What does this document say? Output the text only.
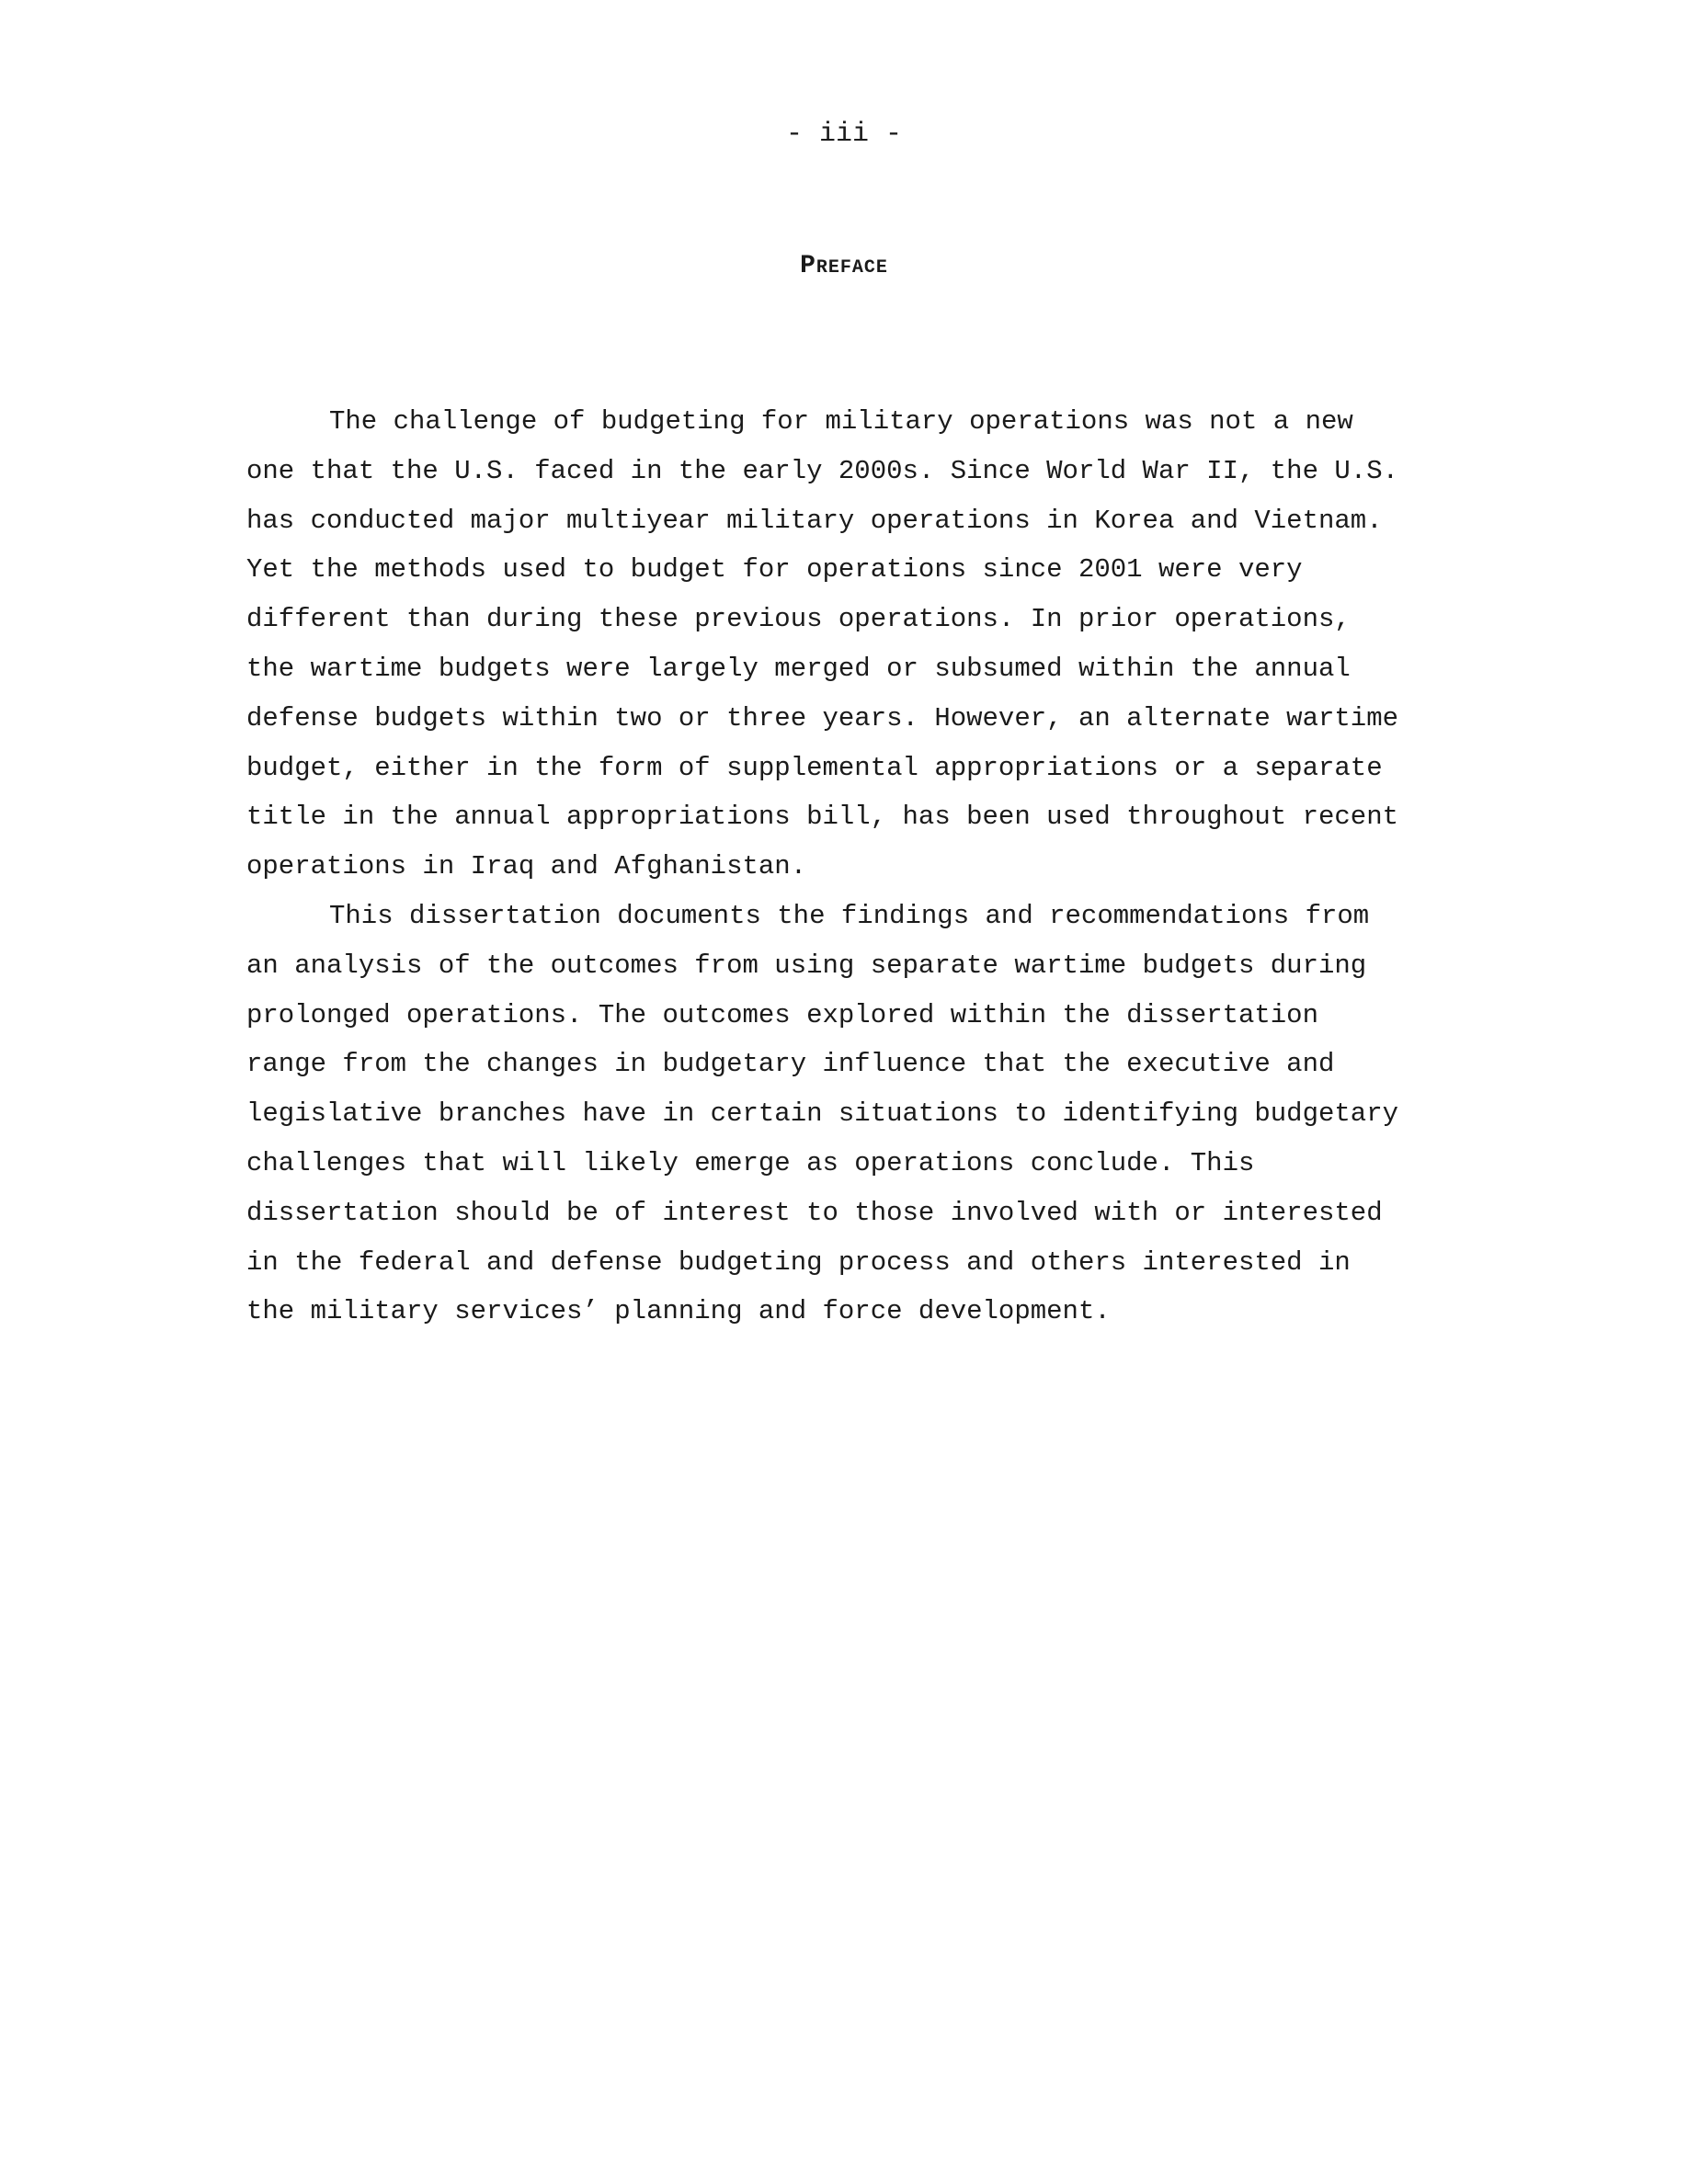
- iii -
Preface
The challenge of budgeting for military operations was not a new
one that the U.S. faced in the early 2000s. Since World War II, the U.S.
has conducted major multiyear military operations in Korea and Vietnam.
Yet the methods used to budget for operations since 2001 were very
different than during these previous operations. In prior operations,
the wartime budgets were largely merged or subsumed within the annual
defense budgets within two or three years. However, an alternate wartime
budget, either in the form of supplemental appropriations or a separate
title in the annual appropriations bill, has been used throughout recent
operations in Iraq and Afghanistan.
This dissertation documents the findings and recommendations from
an analysis of the outcomes from using separate wartime budgets during
prolonged operations. The outcomes explored within the dissertation
range from the changes in budgetary influence that the executive and
legislative branches have in certain situations to identifying budgetary
challenges that will likely emerge as operations conclude. This
dissertation should be of interest to those involved with or interested
in the federal and defense budgeting process and others interested in
the military services’ planning and force development.
